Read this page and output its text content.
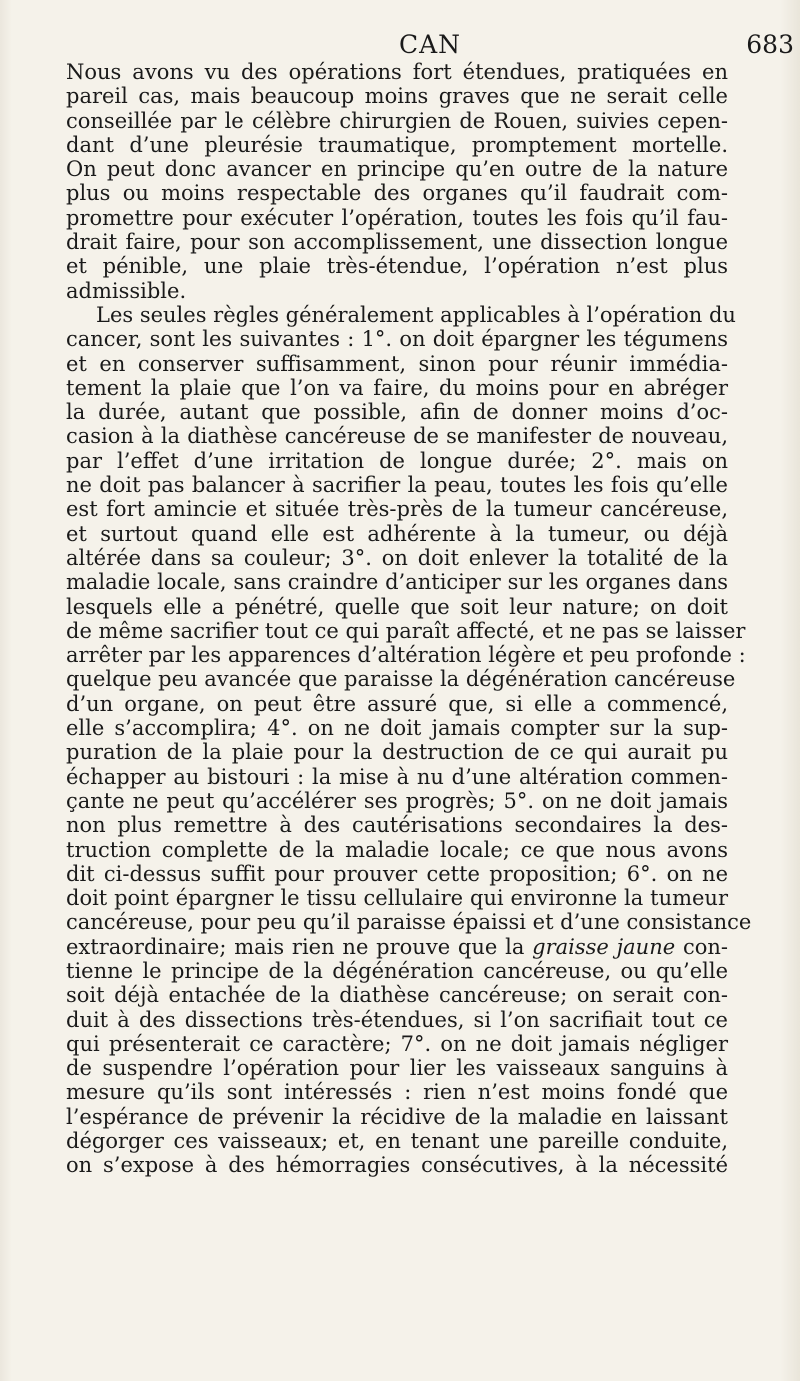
CAN	683
Nous avons vu des opérations fort étendues, pratiquées en
pareil cas, mais beaucoup moins graves que ne serait celle
conseillée par le célèbre chirurgien de Rouen, suivies cepen-
dant d’une pleurésie traumatique, promptement mortelle.
On peut donc avancer en principe qu’en outre de la nature
plus ou moins respectable des organes qu’il faudrait com-
promettre pour exécuter l’opération, toutes les fois qu’il fau-
drait faire, pour son accomplissement, une dissection longue
et pénible, une plaie très-étendue, l’opération n’est plus
admissible.
Les seules règles généralement applicables à l’opération du
cancer, sont les suivantes : 1°. on doit épargner les tégumens
et en conserver suffisamment, sinon pour réunir immédia-
tement la plaie que l’on va faire, du moins pour en abréger
la durée, autant que possible, afin de donner moins d’oc-
casion à la diathèse cancéreuse de se manifester de nouveau,
par l’effet d’une irritation de longue durée; 2°. mais on
ne doit pas balancer à sacrifier la peau, toutes les fois qu’elle
est fort amincie et située très-près de la tumeur cancéreuse,
et surtout quand elle est adhérente à la tumeur, ou déjà
altérée dans sa couleur; 3°. on doit enlever la totalité de la
maladie locale, sans craindre d’anticiper sur les organes dans
lesquels elle a pénétré, quelle que soit leur nature; on doit
de même sacrifier tout ce qui paraît affecté, et ne pas se laisser
arrêter par les apparences d’altération légère et peu profonde :
quelque peu avancée que paraisse la dégénération cancéreuse
d’un organe, on peut être assuré que, si elle a commencé,
elle s’accomplira; 4°. on ne doit jamais compter sur la sup-
puration de la plaie pour la destruction de ce qui aurait pu
échapper au bistouri : la mise à nu d’une altération commen-
çante ne peut qu’accélérer ses progrès; 5°. on ne doit jamais
non plus remettre à des cautérisations secondaires la des-
truction complette de la maladie locale; ce que nous avons
dit ci-dessus suffit pour prouver cette proposition; 6°. on ne
doit point épargner le tissu cellulaire qui environne la tumeur
cancéreuse, pour peu qu’il paraisse épaissi et d’une consistance
extraordinaire; mais rien ne prouve que la graisse jaune con-
tienne le principe de la dégénération cancéreuse, ou qu’elle
soit déjà entachée de la diathèse cancéreuse; on serait con-
duit à des dissections très-étendues, si l’on sacrifiait tout ce
qui présenterait ce caractère; 7°. on ne doit jamais négliger
de suspendre l’opération pour lier les vaisseaux sanguins à
mesure qu’ils sont intéressés : rien n’est moins fondé que
l’espérance de prévenir la récidive de la maladie en laissant
dégorger ces vaisseaux; et, en tenant une pareille conduite,
on s’expose à des hémorragies consécutives, à la nécessité
